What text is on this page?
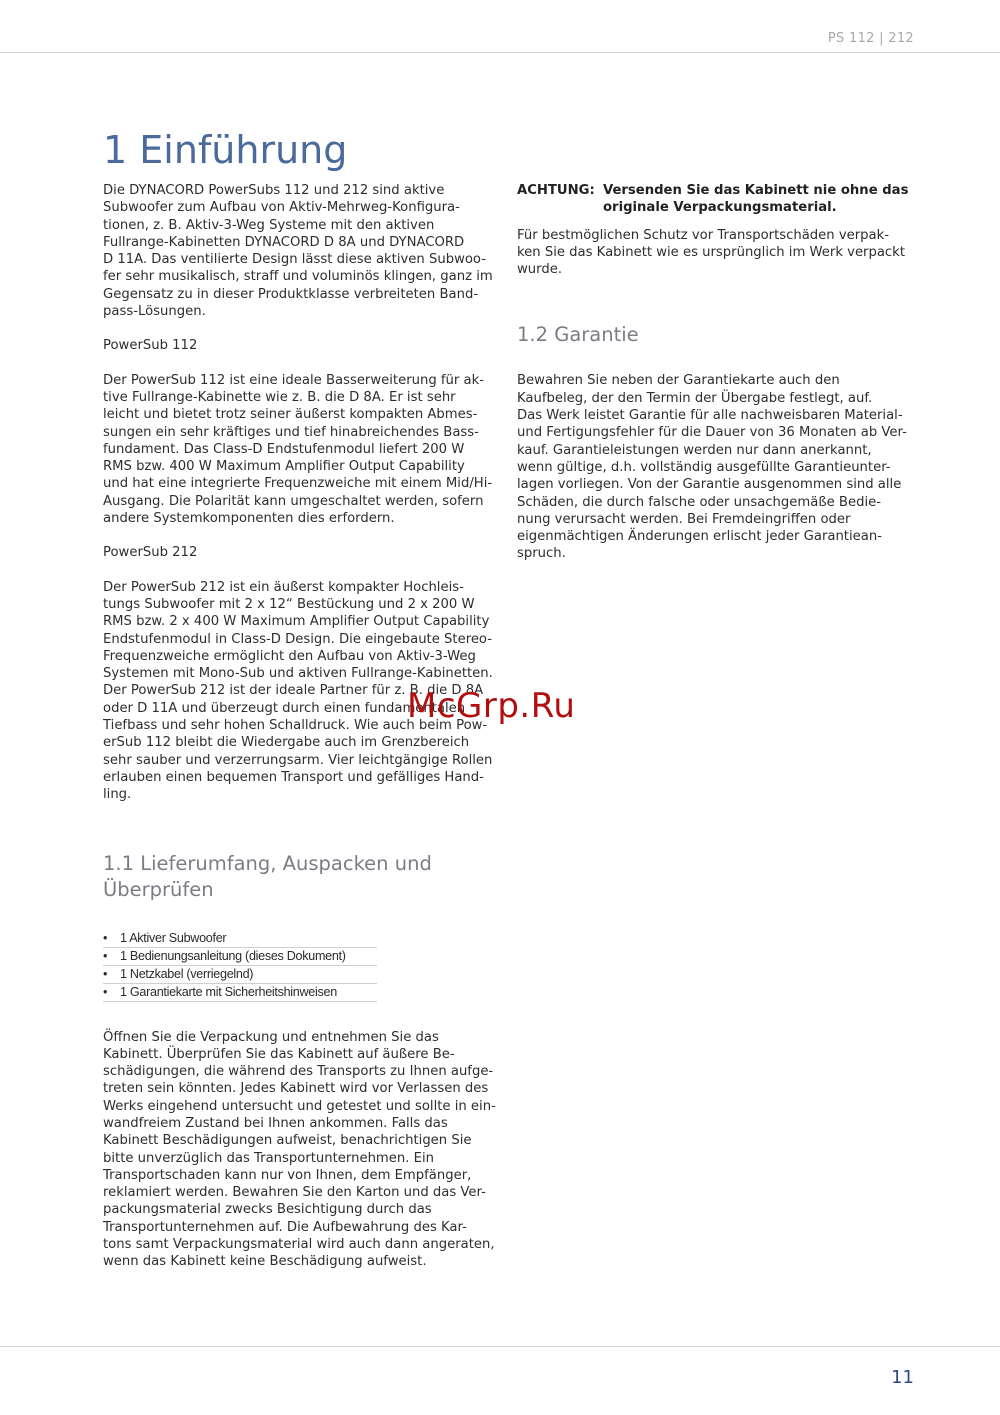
PS 112 | 212
1 Einführung

Die DYNACORD PowerSubs 112 und 212 sind aktive
Subwoofer zum Aufbau von Aktiv-Mehrweg-Konfigura-
tionen, z. B. Aktiv-3-Weg Systeme mit den aktiven
Fullrange-Kabinetten DYNACORD D 8A und DYNACORD
D 11A. Das ventilierte Design lässt diese aktiven Subwoo-
fer sehr musikalisch, straff und voluminös klingen, ganz im
Gegensatz zu in dieser Produktklasse verbreiteten Band-
pass-Lösungen.

PowerSub 112

Der PowerSub 112 ist eine ideale Basserweiterung für ak-
tive Fullrange-Kabinette wie z. B. die D 8A. Er ist sehr
leicht und bietet trotz seiner äußerst kompakten Abmes-
sungen ein sehr kräftiges und tief hinabreichendes Bass-
fundament. Das Class-D Endstufenmodul liefert 200 W
RMS bzw. 400 W Maximum Amplifier Output Capability
und hat eine integrierte Frequenzweiche mit einem Mid/Hi-
Ausgang. Die Polarität kann umgeschaltet werden, sofern
andere Systemkomponenten dies erfordern.

PowerSub 212

Der PowerSub 212 ist ein äußerst kompakter Hochleis-
tungs Subwoofer mit 2 x 12“ Bestückung und 2 x 200 W
RMS bzw. 2 x 400 W Maximum Amplifier Output Capability
Endstufenmodul in Class-D Design. Die eingebaute Stereo-
Frequenzweiche ermöglicht den Aufbau von Aktiv-3-Weg
Systemen mit Mono-Sub und aktiven Fullrange-Kabinetten.
Der PowerSub 212 ist der ideale Partner für z. B. die D 8A
oder D 11A und überzeugt durch einen fundamentalen
Tiefbass und sehr hohen Schalldruck. Wie auch beim Pow-
erSub 112 bleibt die Wiedergabe auch im Grenzbereich
sehr sauber und verzerrungsarm. Vier leichtgängige Rollen
erlauben einen bequemen Transport und gefälliges Hand-
ling.

1.1 Lieferumfang, Auspacken und
Überprüfen
•	1 Aktiver Subwoofer
•	1 Bedienungsanleitung (dieses Dokument)
•	1 Netzkabel (verriegelnd)
•	1 Garantiekarte mit Sicherheitshinweisen

Öffnen Sie die Verpackung und entnehmen Sie das
Kabinett. Überprüfen Sie das Kabinett auf äußere Be-
schädigungen, die während des Transports zu Ihnen aufge-
treten sein könnten. Jedes Kabinett wird vor Verlassen des
Werks eingehend untersucht und getestet und sollte in ein-
wandfreiem Zustand bei Ihnen ankommen. Falls das
Kabinett Beschädigungen aufweist, benachrichtigen Sie
bitte unverzüglich das Transportunternehmen. Ein
Transportschaden kann nur von Ihnen, dem Empfänger,
reklamiert werden. Bewahren Sie den Karton und das Ver-
packungsmaterial zwecks Besichtigung durch das
Transportunternehmen auf. Die Aufbewahrung des Kar-
tons samt Verpackungsmaterial wird auch dann angeraten,
wenn das Kabinett keine Beschädigung aufweist.

ACHTUNG: Versenden Sie das Kabinett nie ohne das
originale Verpackungsmaterial.

Für bestmöglichen Schutz vor Transportschäden verpak-
ken Sie das Kabinett wie es ursprünglich im Werk verpackt
wurde.

1.2 Garantie

Bewahren Sie neben der Garantiekarte auch den
Kaufbeleg, der den Termin der Übergabe festlegt, auf.
Das Werk leistet Garantie für alle nachweisbaren Material-
und Fertigungsfehler für die Dauer von 36 Monaten ab Ver-
kauf. Garantieleistungen werden nur dann anerkannt,
wenn gültige, d.h. vollständig ausgefüllte Garantieunter-
lagen vorliegen. Von der Garantie ausgenommen sind alle
Schäden, die durch falsche oder unsachgemäße Bedie-
nung verursacht werden. Bei Fremdeingriffen oder
eigenmächtigen Änderungen erlischt jeder Garantiean-
spruch.

McGrp.Ru
11
